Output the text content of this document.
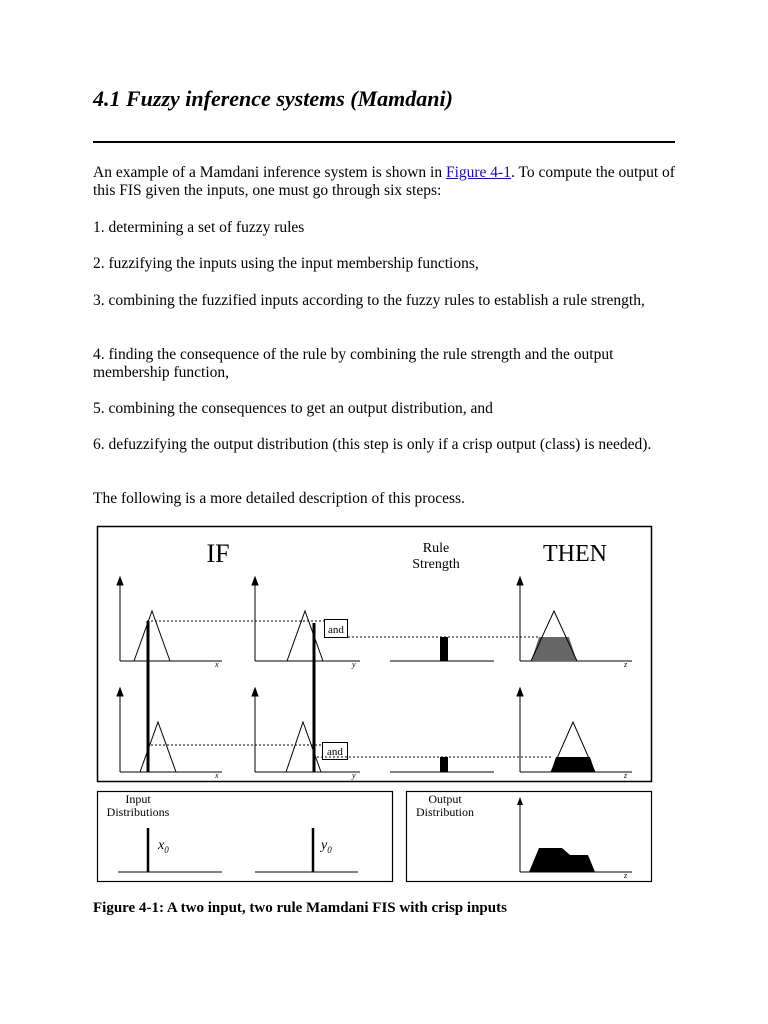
4.1 Fuzzy inference systems (Mamdani)

An example of a Mamdani inference system is shown in Figure 4-1. To compute the output of this FIS given the inputs, one must go through six steps:

1. determining a set of fuzzy rules

2. fuzzifying the inputs using the input membership functions,

3. combining the fuzzified inputs according to the fuzzy rules to establish a rule strength,

4. finding the consequence of the rule by combining the rule strength and the output membership function,

5. combining the consequences to get an output distribution, and

6. defuzzifying the output distribution (this step is only if a crisp output (class) is needed).

The following is a more detailed description of this process.

IF	Rule
Strength	THEN
x	y
and
z
x	y
and
z
Input
Distributions
$x_0$	$y_0$
Output
Distribution
z

Figure 4-1: A two input, two rule Mamdani FIS with crisp inputs
